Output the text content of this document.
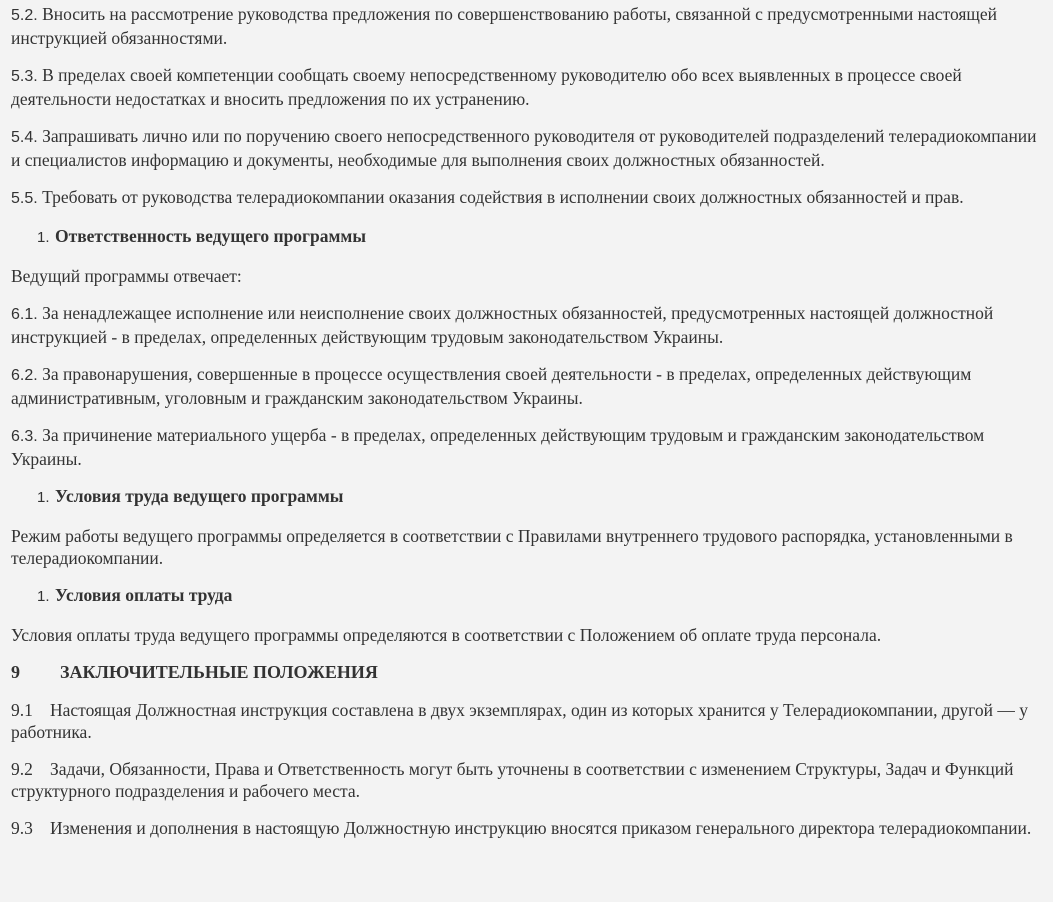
5.2. Вносить на рассмотрение руководства предложения по совершенствованию работы, связанной с предусмотренными настоящей инструкцией обязанностями.

5.3. В пределах своей компетенции сообщать своему непосредственному руководителю обо всех выявленных в процессе своей деятельности недостатках и вносить предложения по их устранению.

5.4. Запрашивать лично или по поручению своего непосредственного руководителя от руководителей подразделений телерадиокомпании и специалистов информацию и документы, необходимые для выполнения своих должностных обязанностей.

5.5. Требовать от руководства телерадиокомпании оказания содействия в исполнении своих должностных обязанностей и прав.

1. Ответственность ведущего программы

Ведущий программы отвечает:

6.1. За ненадлежащее исполнение или неисполнение своих должностных обязанностей, предусмотренных настоящей должностной инструкцией - в пределах, определенных действующим трудовым законодательством Украины.

6.2. За правонарушения, совершенные в процессе осуществления своей деятельности - в пределах, определенных действующим административным, уголовным и гражданским законодательством Украины.

6.3. За причинение материального ущерба - в пределах, определенных действующим трудовым и гражданским законодательством Украины.

1. Условия труда ведущего программы

Режим работы ведущего программы определяется в соответствии с Правилами внутреннего трудового распорядка, установленными в телерадиокомпании.

1. Условия оплаты труда

Условия оплаты труда ведущего программы определяются в соответствии с Положением об оплате труда персонала.

9 ЗАКЛЮЧИТЕЛЬНЫЕ ПОЛОЖЕНИЯ

9.1 Настоящая Должностная инструкция составлена в двух экземплярах, один из которых хранится у Телерадиокомпании, другой — у работника.

9.2 Задачи, Обязанности, Права и Ответственность могут быть уточнены в соответствии с изменением Структуры, Задач и Функций структурного подразделения и рабочего места.

9.3 Изменения и дополнения в настоящую Должностную инструкцию вносятся приказом генерального директора телерадиокомпании.
